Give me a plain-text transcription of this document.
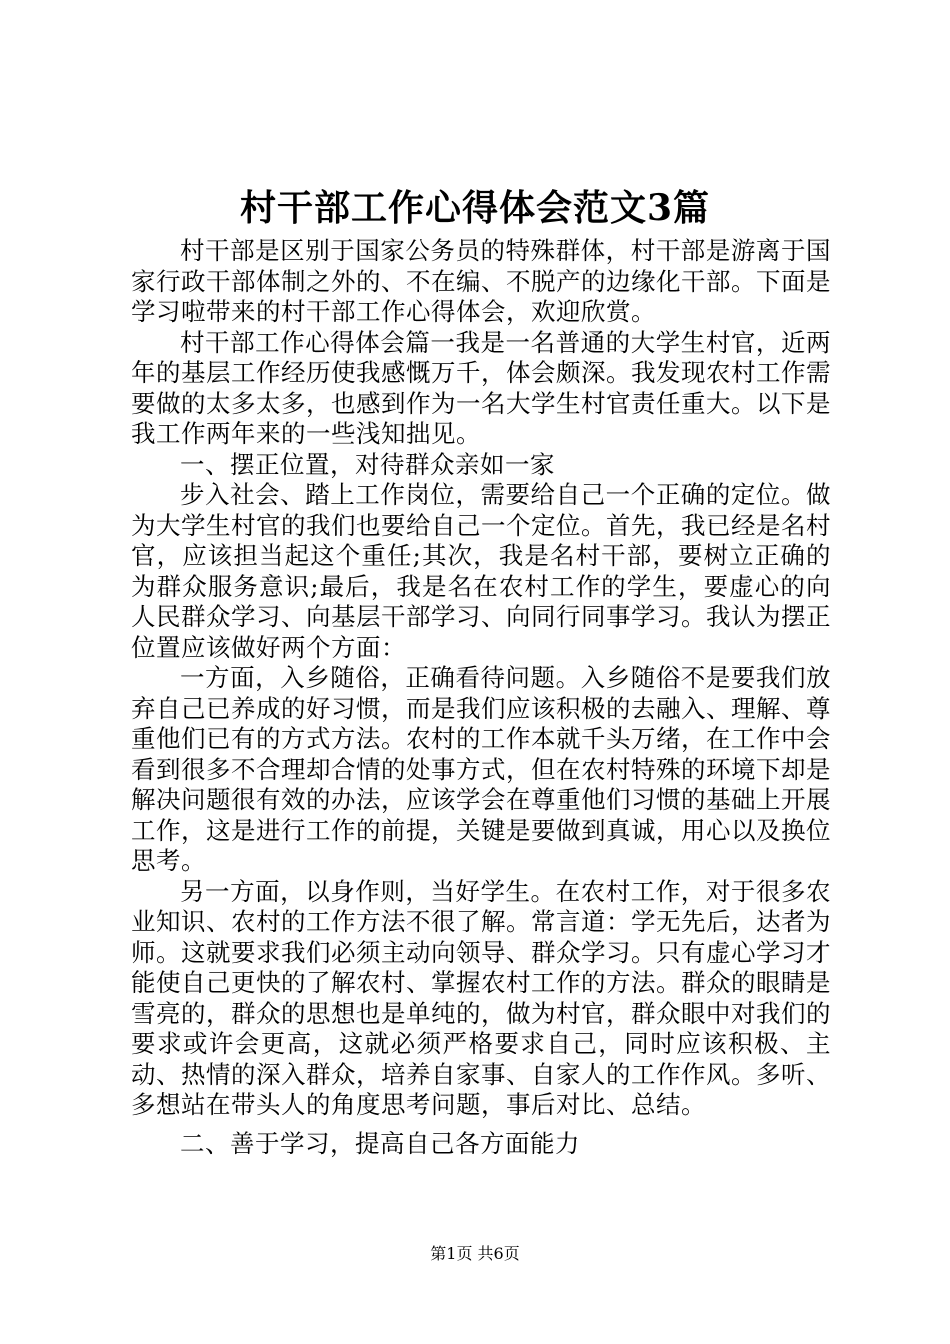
村干部工作心得体会范文3篇

村干部是区别于国家公务员的特殊群体，村干部是游离于国家行政干部体制之外的、不在编、不脱产的边缘化干部。下面是学习啦带来的村干部工作心得体会，欢迎欣赏。

村干部工作心得体会篇一我是一名普通的大学生村官，近两年的基层工作经历使我感慨万千，体会颇深。我发现农村工作需要做的太多太多，也感到作为一名大学生村官责任重大。以下是我工作两年来的一些浅知拙见。

一、摆正位置，对待群众亲如一家

步入社会、踏上工作岗位，需要给自己一个正确的定位。做为大学生村官的我们也要给自己一个定位。首先，我已经是名村官，应该担当起这个重任;其次，我是名村干部，要树立正确的为群众服务意识;最后，我是名在农村工作的学生，要虚心的向人民群众学习、向基层干部学习、向同行同事学习。我认为摆正位置应该做好两个方面：

一方面，入乡随俗，正确看待问题。入乡随俗不是要我们放弃自己已养成的好习惯，而是我们应该积极的去融入、理解、尊重他们已有的方式方法。农村的工作本就千头万绪，在工作中会看到很多不合理却合情的处事方式，但在农村特殊的环境下却是解决问题很有效的办法，应该学会在尊重他们习惯的基础上开展工作，这是进行工作的前提，关键是要做到真诚，用心以及换位思考。

另一方面，以身作则，当好学生。在农村工作，对于很多农业知识、农村的工作方法不很了解。常言道：学无先后，达者为师。这就要求我们必须主动向领导、群众学习。只有虚心学习才能使自己更快的了解农村、掌握农村工作的方法。群众的眼睛是雪亮的，群众的思想也是单纯的，做为村官，群众眼中对我们的要求或许会更高，这就必须严格要求自己，同时应该积极、主动、热情的深入群众，培养自家事、自家人的工作作风。多听、多想站在带头人的角度思考问题，事后对比、总结。

二、善于学习，提高自己各方面能力

第1页 共6页
